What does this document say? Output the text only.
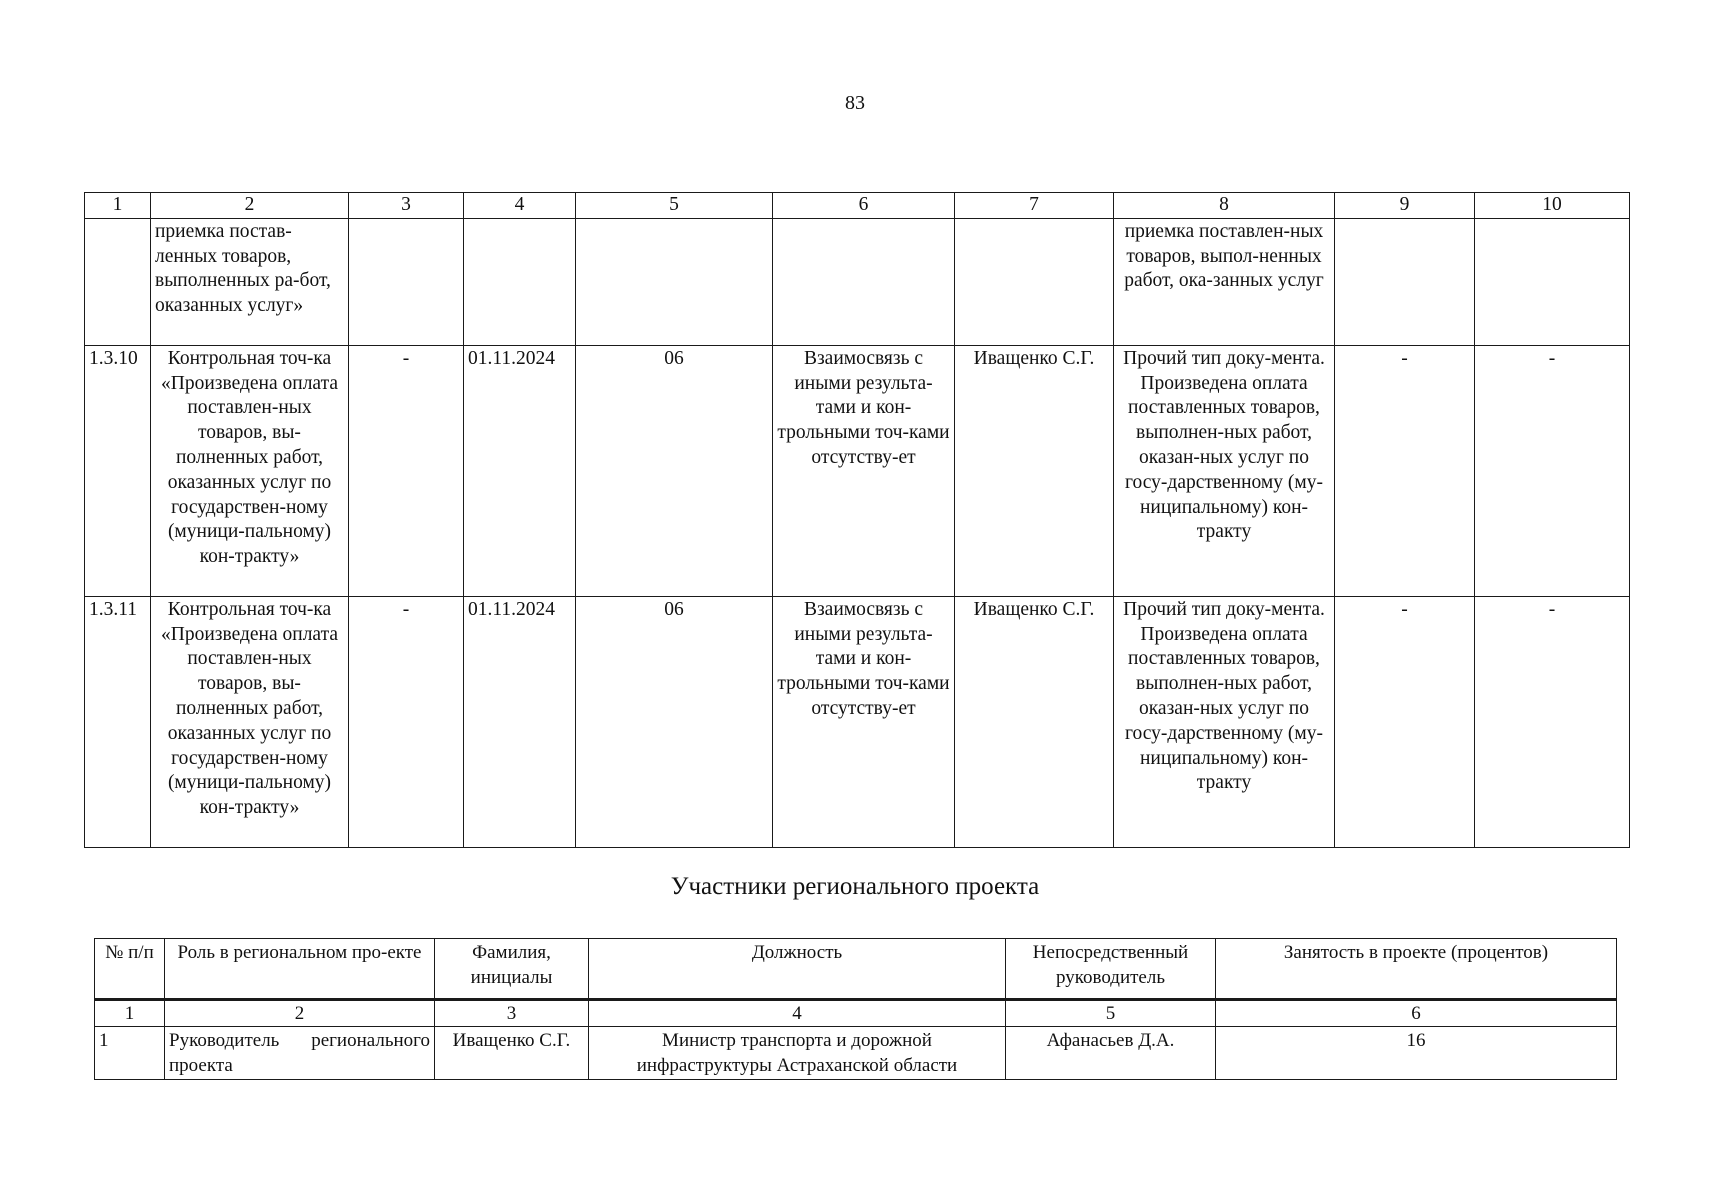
83
1	2	3	4	5	6	7	8	9	10
	приемка постав-ленных товаров, выполненных ра-бот, оказанных услуг»						приемка поставлен-ных товаров, выпол-ненных работ, ока-занных услуг		
1.3.10	Контрольная точ-ка «Произведена оплата поставлен-ных товаров, вы-полненных работ, оказанных услуг по государствен-ному (муници-пальному) кон-тракту»	-	01.11.2024	06	Взаимосвязь с иными результа-тами и кон-трольными точ-ками отсутству-ет	Иващенко С.Г.	Прочий тип доку-мента. Произведена оплата поставленных товаров, выполнен-ных работ, оказан-ных услуг по госу-дарственному (му-ниципальному) кон-тракту	-	-
1.3.11	Контрольная точ-ка «Произведена оплата поставлен-ных товаров, вы-полненных работ, оказанных услуг по государствен-ному (муници-пальному) кон-тракту»	-	01.11.2024	06	Взаимосвязь с иными результа-тами и кон-трольными точ-ками отсутству-ет	Иващенко С.Г.	Прочий тип доку-мента. Произведена оплата поставленных товаров, выполнен-ных работ, оказан-ных услуг по госу-дарственному (му-ниципальному) кон-тракту	-	-
Участники регионального проекта
№ п/п	Роль в региональном про-екте	Фамилия, инициалы	Должность	Непосредственный руководитель	Занятость в проекте (процентов)
1	2	3	4	5	6
1	Руководитель регионального проекта	Иващенко С.Г.	Министр транспорта и дорожной инфраструктуры Астраханской области	Афанасьев Д.А.	16
